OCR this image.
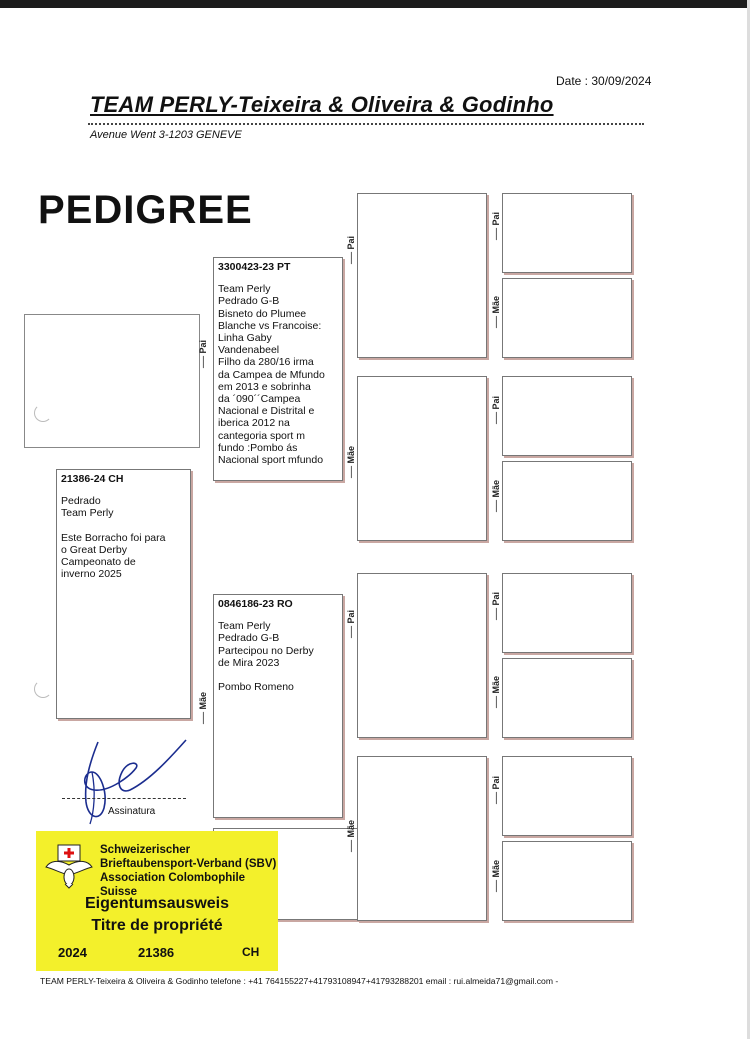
Date : 30/09/2024
TEAM PERLY-Teixeira & Oliveira & Godinho
Avenue Went 3-1203 GENEVE
PEDIGREE
21386-24 CH
Pedrado
Team Perly
Este Borracho foi para
o Great Derby
Campeonato de
inverno 2025
------ Pai
------ Mãe
3300423-23 PT
Team Perly
Pedrado G-B
Bisneto do Plumee
Blanche vs Francoise:
Linha Gaby
Vandenabeel
Filho da 280/16 irma
da Campea de Mfundo
em 2013 e sobrinha
da ´090´´Campea
Nacional e Distrital e
iberica 2012 na
cantegoria sport m
fundo :Pombo ás
Nacional sport mfundo
0846186-23 RO
Team Perly
Pedrado G-B
Partecipou no Derby
de Mira 2023
Pombo Romeno
------ Pai
------ Mãe
------ Pai
------ Mãe
------ Pai
------ Mãe
------ Pai
------ Mãe
------ Pai
------ Mãe
------ Pai
------ Mãe
Assinatura
Schweizerischer
Brieftaubensport-Verband (SBV)
Association Colombophile Suisse
Eigentumsausweis
Titre de propriété
2024	21386	CH
TEAM PERLY-Teixeira & Oliveira & Godinho telefone : +41 764155227+41793108947+41793288201 email : rui.almeida71@gmail.com -
